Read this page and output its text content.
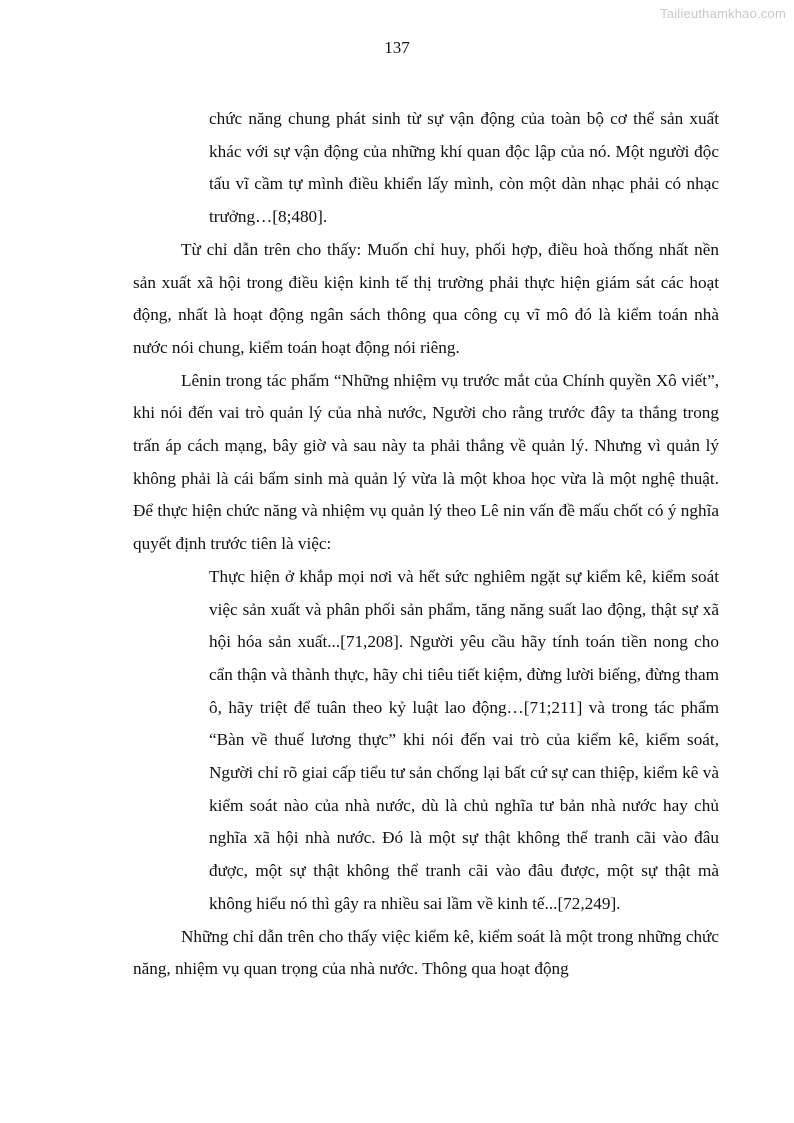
Tailieuthamkhao.com
137

chức năng chung phát sinh từ sự vận động của toàn bộ cơ thể sản xuất khác với sự vận động của những khí quan độc lập của nó. Một người độc tấu vĩ cầm tự mình điều khiển lấy mình, còn một dàn nhạc phải có nhạc trưởng…[8;480].

Từ chỉ dẫn trên cho thấy: Muốn chỉ huy, phối hợp, điều hoà thống nhất nền sản xuất xã hội trong điều kiện kinh tế thị trường phải thực hiện giám sát các hoạt động, nhất là hoạt động ngân sách thông qua công cụ vĩ mô đó là kiểm toán nhà nước nói chung, kiểm toán hoạt động nói riêng.

Lênin trong tác phẩm “Những nhiệm vụ trước mắt của Chính quyền Xô viết”, khi nói đến vai trò quản lý của nhà nước, Người cho rằng trước đây ta thắng trong trấn áp cách mạng, bây giờ và sau này ta phải thắng về quản lý. Nhưng vì quản lý không phải là cái bẩm sinh mà quản lý vừa là một khoa học vừa là một nghệ thuật. Để thực hiện chức năng và nhiệm vụ quản lý theo Lê nin vấn đề mấu chốt có ý nghĩa quyết định trước tiên là việc:

Thực hiện ở khắp mọi nơi và hết sức nghiêm ngặt sự kiểm kê, kiểm soát việc sản xuất và phân phối sản phẩm, tăng năng suất lao động, thật sự xã hội hóa sản xuất...[71,208]. Người yêu cầu hãy tính toán tiền nong cho cẩn thận và thành thực, hãy chi tiêu tiết kiệm, đừng lười biếng, đừng tham ô, hãy triệt để tuân theo kỷ luật lao động…[71;211] và trong tác phẩm “Bàn về thuế lương thực” khi nói đến vai trò của kiểm kê, kiểm soát, Người chỉ rõ giai cấp tiểu tư sản chống lại bất cứ sự can thiệp, kiểm kê và kiểm soát nào của nhà nước, dù là chủ nghĩa tư bản nhà nước hay chủ nghĩa xã hội nhà nước. Đó là một sự thật không thể tranh cãi vào đâu được, một sự thật không thể tranh cãi vào đâu được, một sự thật mà không hiểu nó thì gây ra nhiều sai lầm về kinh tế...[72,249].

Những chỉ dẫn trên cho thấy việc kiểm kê, kiểm soát là một trong những chức năng, nhiệm vụ quan trọng của nhà nước. Thông qua hoạt động
